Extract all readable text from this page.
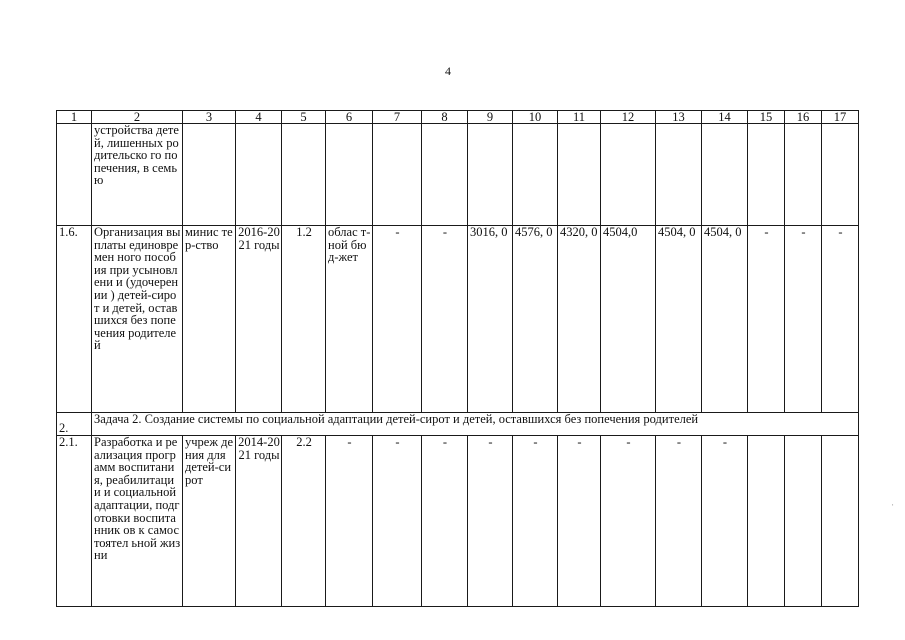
4
1	2	3	4	5	6	7	8	9	10	11	12	13	14	15	16	17
	устройства детей, лишенных родительско го попечения, в семью															
1.6.	Организация выплаты единовремен ного пособия при усыновлени и (удочерении ) детей-сирот и детей, оставшихся без попечения родителей	минис тер-ство	2016-2021 годы	1.2	облас т-ной бюд-жет	-	-	3016, 0	4576, 0	4320, 0	4504,0	4504, 0	4504, 0	-	-	-
2.	Задача 2. Создание системы по социальной адаптации детей-сирот и детей, оставшихся без попечения родителей															
2.1.	Разработка и реализация программ воспитания, реабилитаци и и социальной адаптации, подготовки воспитанник ов к самостоятел ьной жизни	учреж дения для детей-сирот	2014-2021 годы	2.2	-	-	-	-	-	-	-	-	-			
⋅
